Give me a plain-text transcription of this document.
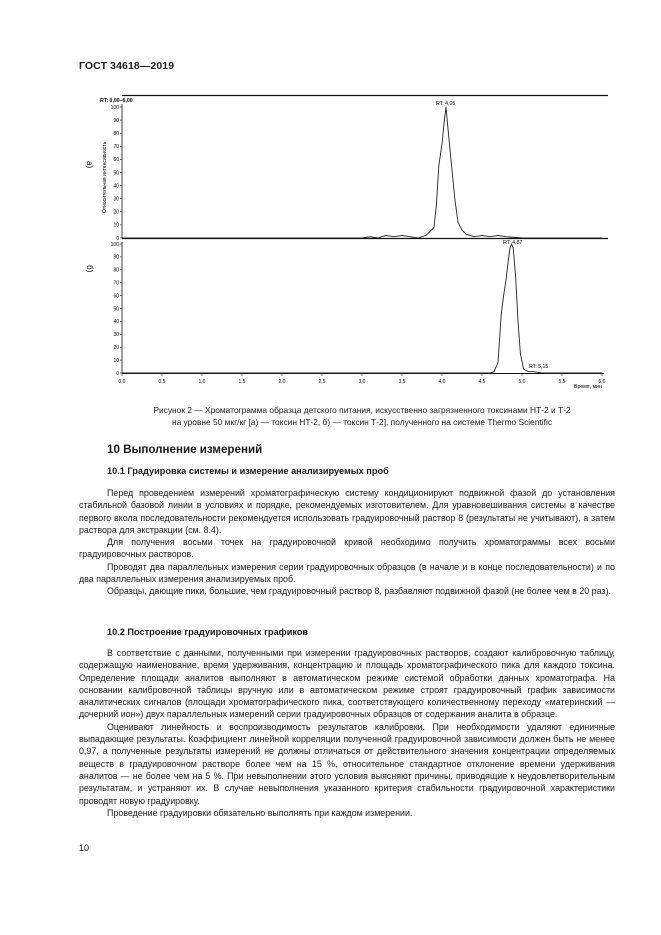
ГОСТ 34618—2019
RT: 0,00–6,00
а) Относительная интенсивность
0
10
20
30
40
50
60
70
80
90
100
RT: 4,05
б)
0
10
20
30
40
50
60
70
80
90
100
0,0	0,5	1,0	1,5	2,0	2,5	3,0	3,5	4,0	4,5	5,0	5,5	6,0
RT: 4,87
RT: 5,15
Время, мин

Рисунок 2 — Хроматограмма образца детского питания, искусственно загрязненного токсинами НТ-2 и Т-2

на уровне 50 мкг/кг [а) — токсин НТ-2, б) — токсин Т-2], полученного на системе Thermo Scientific

10 Выполнение измерений
10.1 Градуировка системы и измерение анализируемых проб

Перед проведением измерений хроматографическую систему кондиционируют подвижной фазой до установления стабильной базовой линии в условиях и порядке, рекомендуемых изготовителем. Для уравновешивания системы в качестве первого вкола последовательности рекомендуется использовать градуировочный раствор 8 (результаты не учитывают), а затем раствора для экстракции (см. 8.4).

Для получения восьми точек на градуировочной кривой необходимо получить хроматограммы всех восьми градуировочных растворов.

Проводят два параллельных измерения серии градуировочных образцов (в начале и в конце последовательности) и по два параллельных измерения анализируемых проб.

Образцы, дающие пики, большие, чем градуировочный раствор 8, разбавляют подвижной фазой (не более чем в 20 раз).

10.2 Построение градуировочных графиков

В соответствие с данными, полученными при измерении градуировочных растворов, создают калибровочную таблицу, содержащую наименование, время удерживания, концентрацию и площадь хроматографического пика для каждого токсина. Определение площади аналитов выполняют в автоматическом режиме системой обработки данных хроматографа. На основании калибровочной таблицы вручную или в автоматическом режиме строят градуировочный график зависимости аналитических сигналов (площади хроматографического пика, соответствующего количественному переходу «материнский — дочерний ион») двух параллельных измерений серии градуировочных образцов от содержания аналита в образце.

Оценивают линейность и воспроизводимость результатов калибровки. При необходимости удаляют единичные выпадающие результаты. Коэффициент линейной корреляции полученной градуировочной зависимости должен быть не менее 0,97, а полученные результаты измерений не должны отличаться от действительного значения концентрации определяемых веществ в градуировочном растворе более чем на 15 %, относительное стандартное отклонение времени удерживания аналитов — не более чем на 5 %. При невыполнении этого условия выясняют причины, приводящие к неудовлетворительным результатам, и устраняют их. В случае невыполнения указанного критерия стабильности градуировочной характеристики проводят новую градуировку.

Проведение градуировки обязательно выполнять при каждом измерении.

10
